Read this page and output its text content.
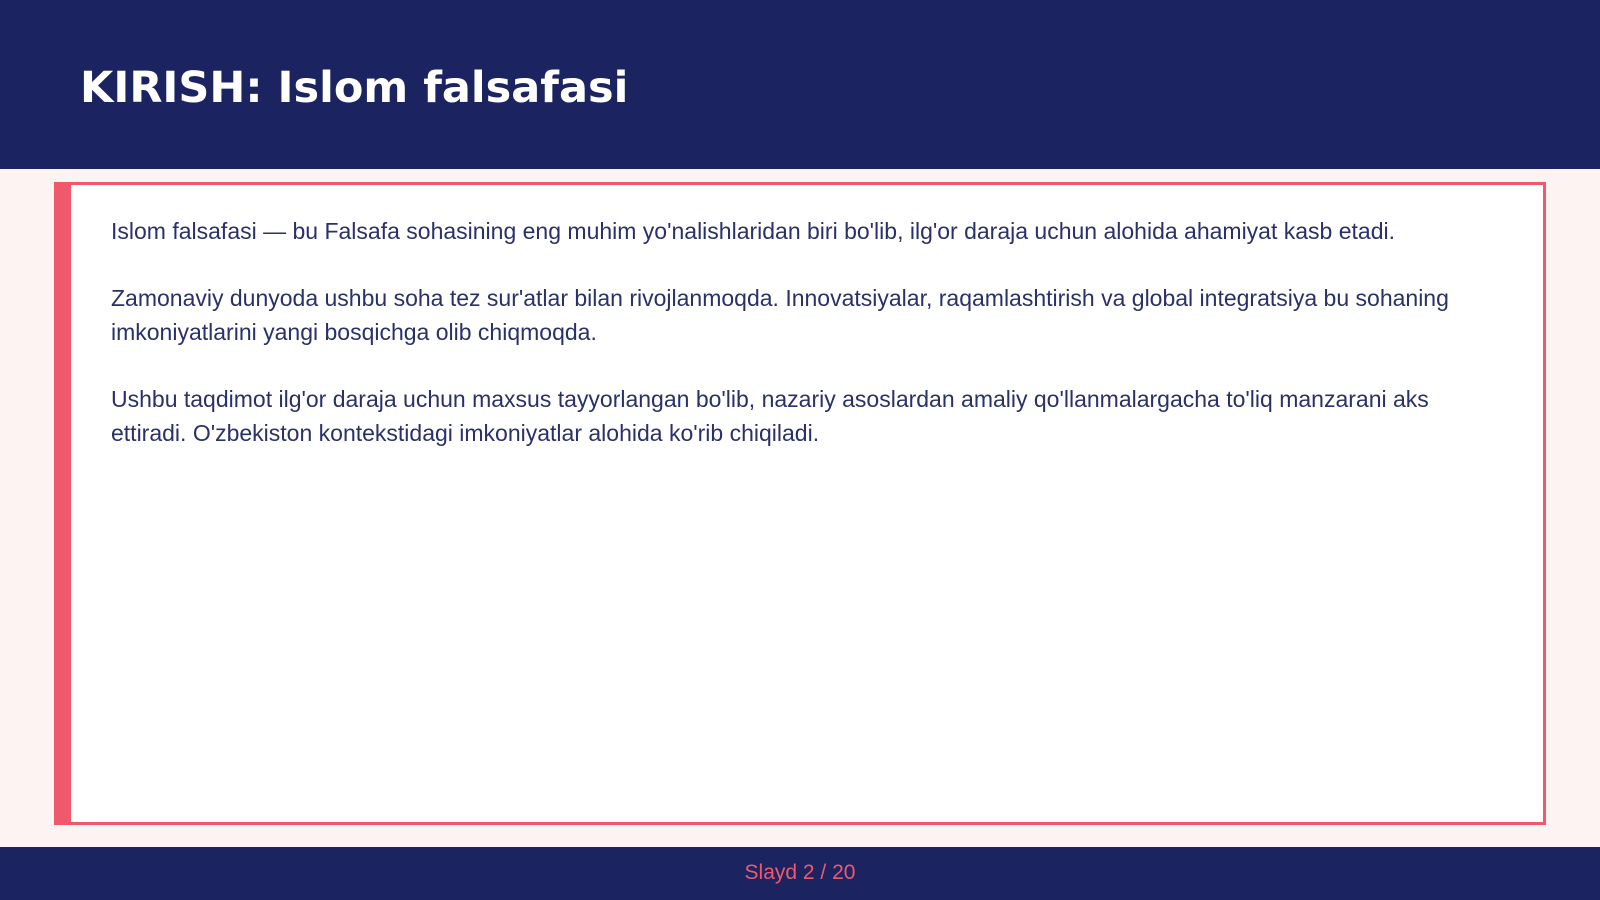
KIRISH: Islom falsafasi

Islom falsafasi — bu Falsafa sohasining eng muhim yo'nalishlaridan biri bo'lib, ilg'or daraja uchun alohida ahamiyat kasb etadi.

Zamonaviy dunyoda ushbu soha tez sur'atlar bilan rivojlanmoqda. Innovatsiyalar, raqamlashtirish va global integratsiya bu sohaning imkoniyatlarini yangi bosqichga olib chiqmoqda.

Ushbu taqdimot ilg'or daraja uchun maxsus tayyorlangan bo'lib, nazariy asoslardan amaliy qo'llanmalargacha to'liq manzarani aks ettiradi. O'zbekiston kontekstidagi imkoniyatlar alohida ko'rib chiqiladi.

Slayd 2 / 20
